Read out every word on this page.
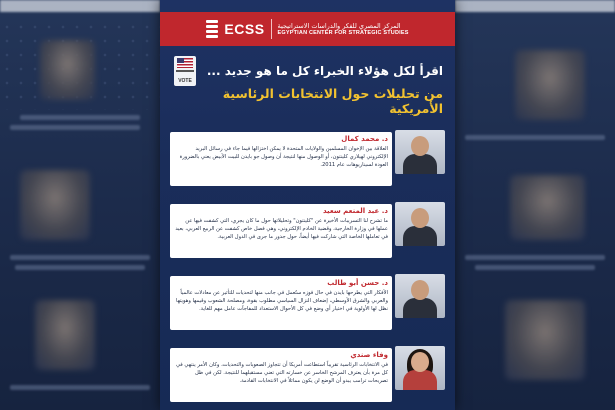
ECSS المركز المصري للفكر والدراسات الاستراتيجية
EGYPTIAN CENTER FOR STRATEGIC STUDIES
VOTE
اقرأ لكل هؤلاء الخبراء كل ما هو جديد ...
من تحليلات حول الانتخابات الرئاسية الأمريكية
د. محمد كمال
العلاقة بين الإخوان المسلمين والولايات المتحدة لا يمكن اختزالها فيما جاء في رسائل البريد الإلكتروني لهيلاري كلينتون، أو الوصول منها لنتيجة أن وصول جو بايدن للبيت الأبيض يعني بالضرورة العودة لسيناريوهات عام 2011.
د. عبد المنعم سعيد
ما تشرح لنا التسريبات الأخيرة عن "كلينتون" وتحليلاتها حول ما كان يجري، التي كشفت فيها عن عملها في وزارة الخارجية، وقضية الخادم الإلكتروني، وهي فصل خاص كشفت عن الربيع العربي، بعيد في تعاملها الخاصة التي شاركت فيها أيضاً، حول جذور ما جرى في الدول العربية.
د. حسن أبو طالب
الأفكار التي يطرحها بايدن في حال فوزه ستُعمل في جانب منها لتحديات للتأثير عن معادلات عالمياً والعربي والشرق الأوسطي، إضعاف النزال السياسي مطلوب بقوة، ومصلحة الشعوب وقيمها وهويتها نظل لها الأولوية في اختيار أي وضع في كل الأحوال الاستعداد للمفاجآت عامل مهم للغاية.
وفاء صندي
في الانتخابات الرئاسية تقريباً استطاعت أمريكا أن تتجاوز الصعوبات والتحديات، وكان الأمر ينتهي في كل مرة بأن يعترف المرشح الخاسر عن خسارته التي تعني مستقبلهما للنتيجة. لكن في ظل تصريحات ترامب يبدو أن الوضع لن يكون مماثلاً في الانتخابات القادمة.
